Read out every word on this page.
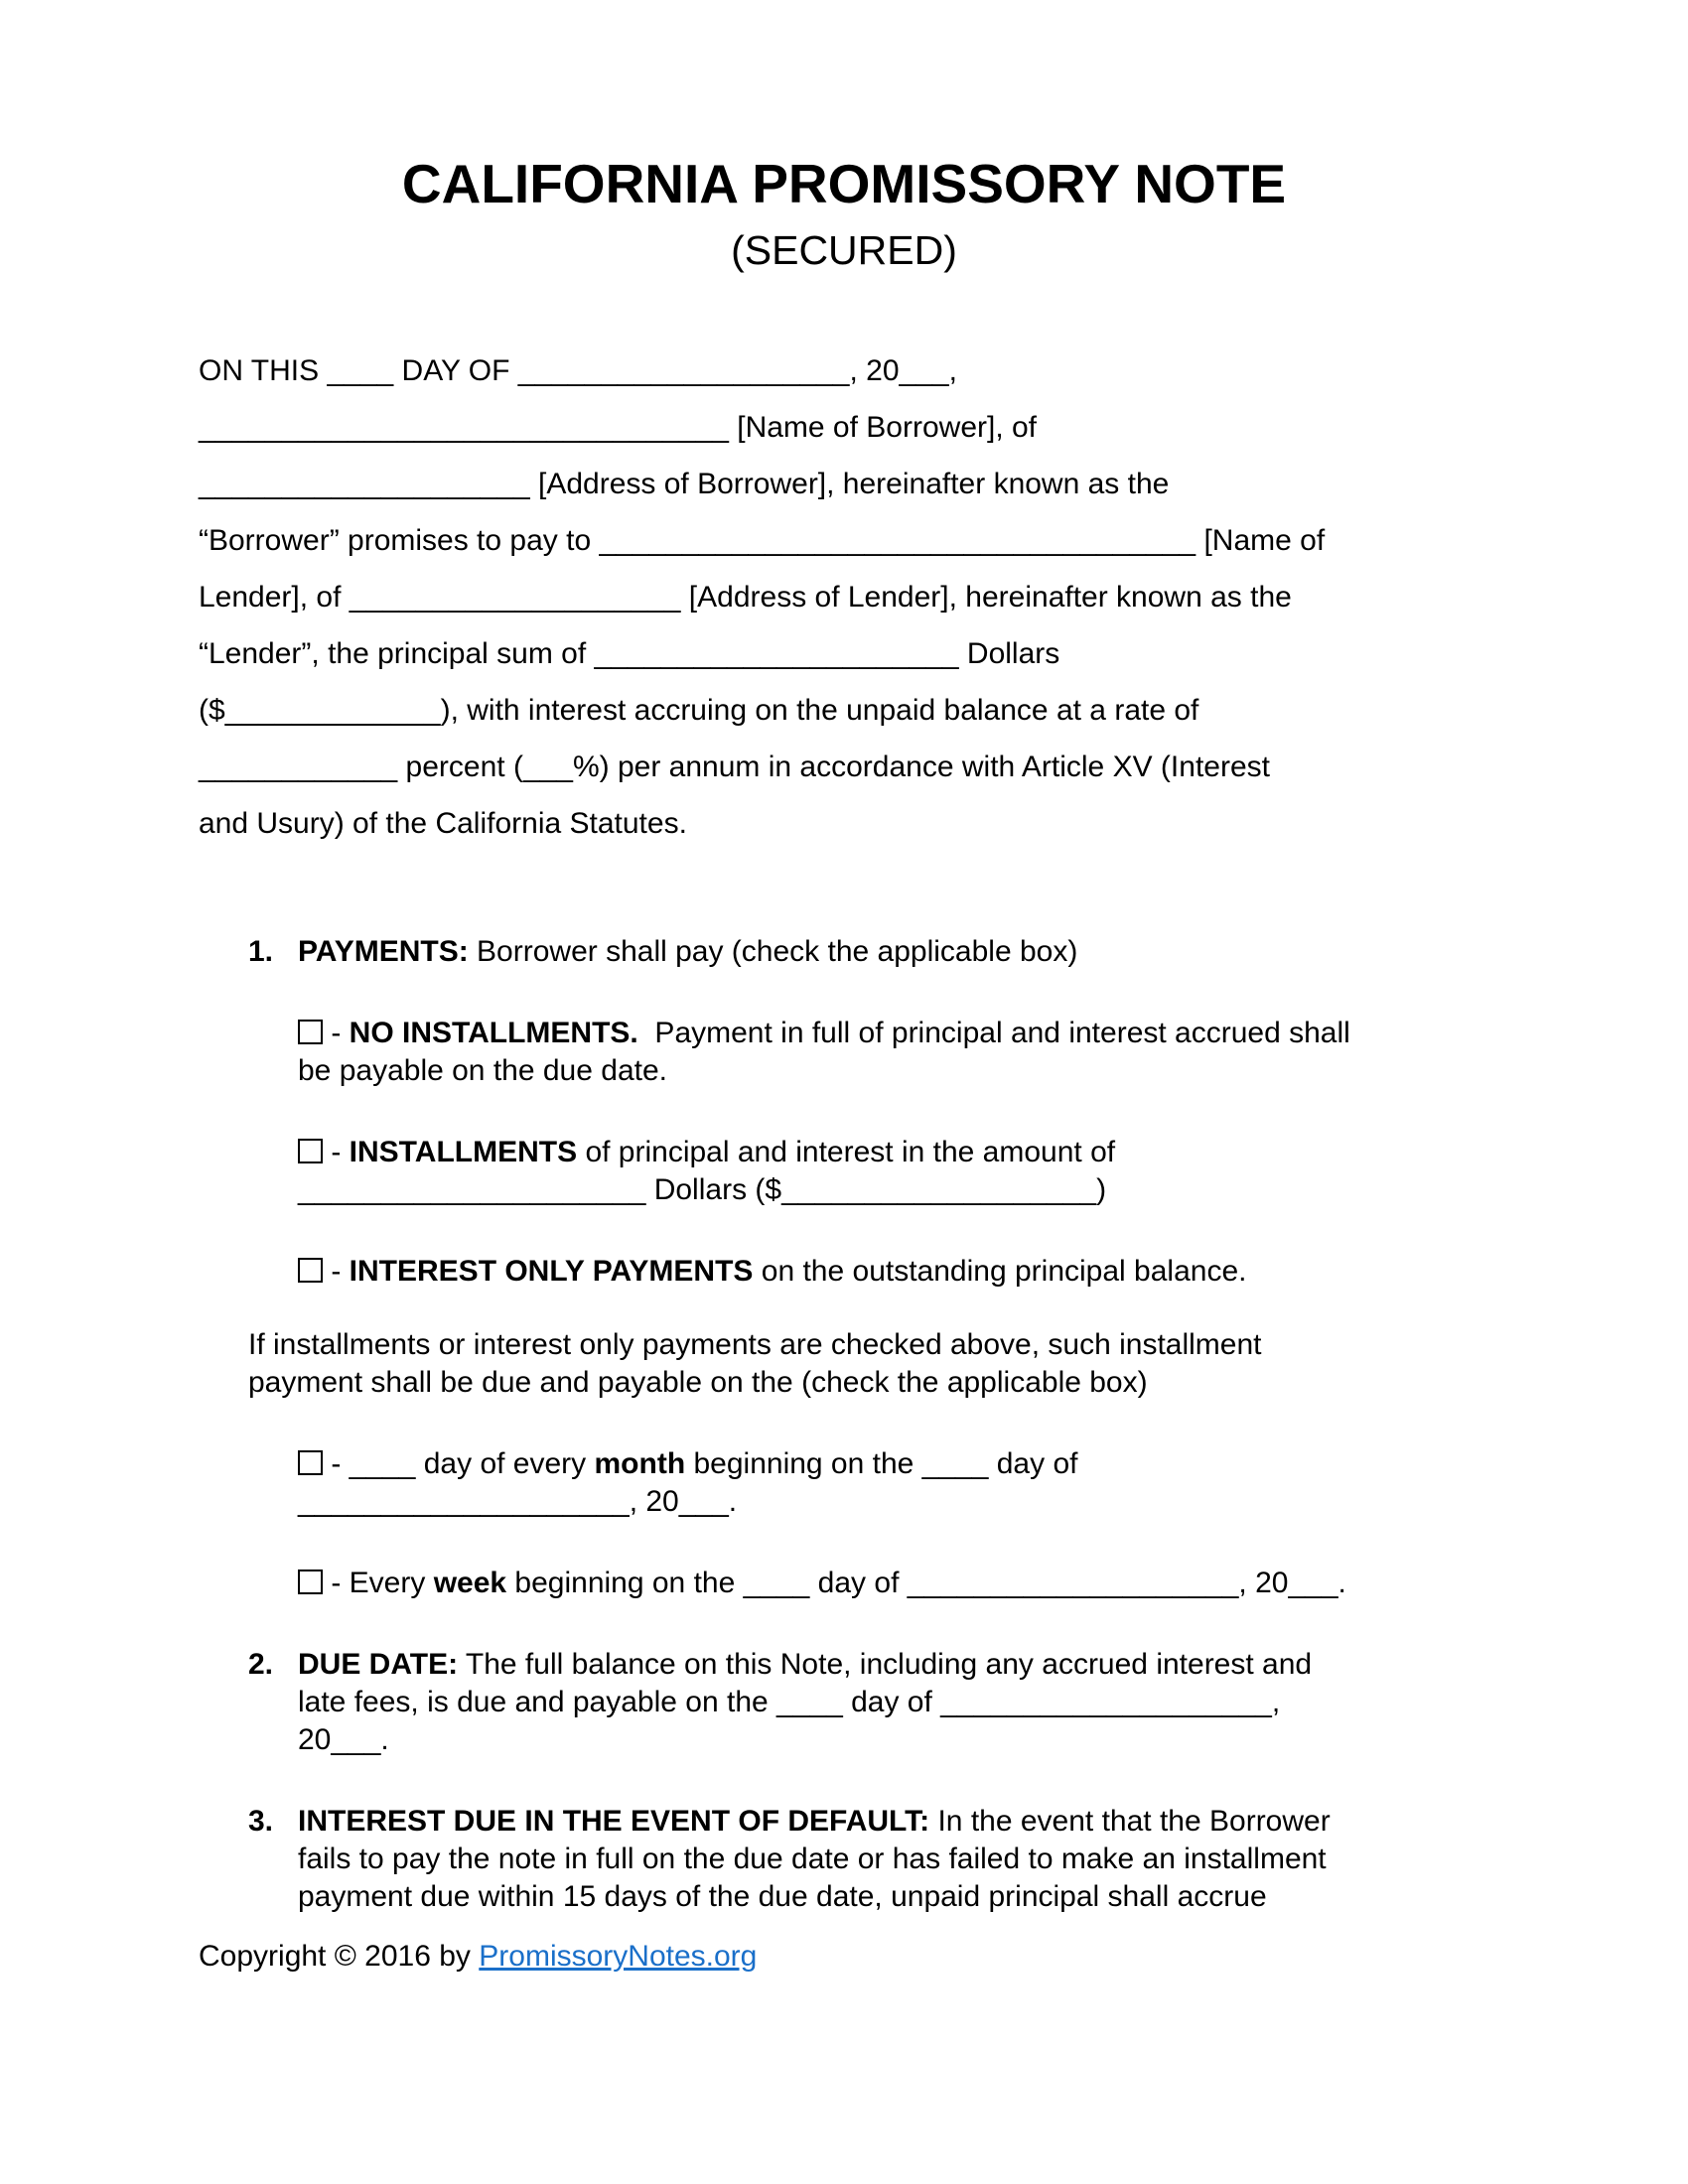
CALIFORNIA PROMISSORY NOTE
(SECURED)
ON THIS ____ DAY OF ____________________, 20___,
________________________________ [Name of Borrower], of
____________________ [Address of Borrower], hereinafter known as the
“Borrower” promises to pay to ____________________________________ [Name of
Lender], of ____________________ [Address of Lender], hereinafter known as the
“Lender”, the principal sum of ______________________ Dollars
($_____________), with interest accruing on the unpaid balance at a rate of
____________ percent (___%) per annum in accordance with Article XV (Interest
and Usury) of the California Statutes.
1. PAYMENTS: Borrower shall pay (check the applicable box)
- NO INSTALLMENTS.  Payment in full of principal and interest accrued shall
be payable on the due date.
- INSTALLMENTS of principal and interest in the amount of
_____________________ Dollars ($___________________)
- INTEREST ONLY PAYMENTS on the outstanding principal balance.
If installments or interest only payments are checked above, such installment
payment shall be due and payable on the (check the applicable box)
- ____ day of every month beginning on the ____ day of
____________________, 20___.
- Every week beginning on the ____ day of ____________________, 20___.
2. DUE DATE: The full balance on this Note, including any accrued interest and
late fees, is due and payable on the ____ day of ____________________,
20___.
3. INTEREST DUE IN THE EVENT OF DEFAULT: In the event that the Borrower
fails to pay the note in full on the due date or has failed to make an installment
payment due within 15 days of the due date, unpaid principal shall accrue
Copyright © 2016 by PromissoryNotes.org
